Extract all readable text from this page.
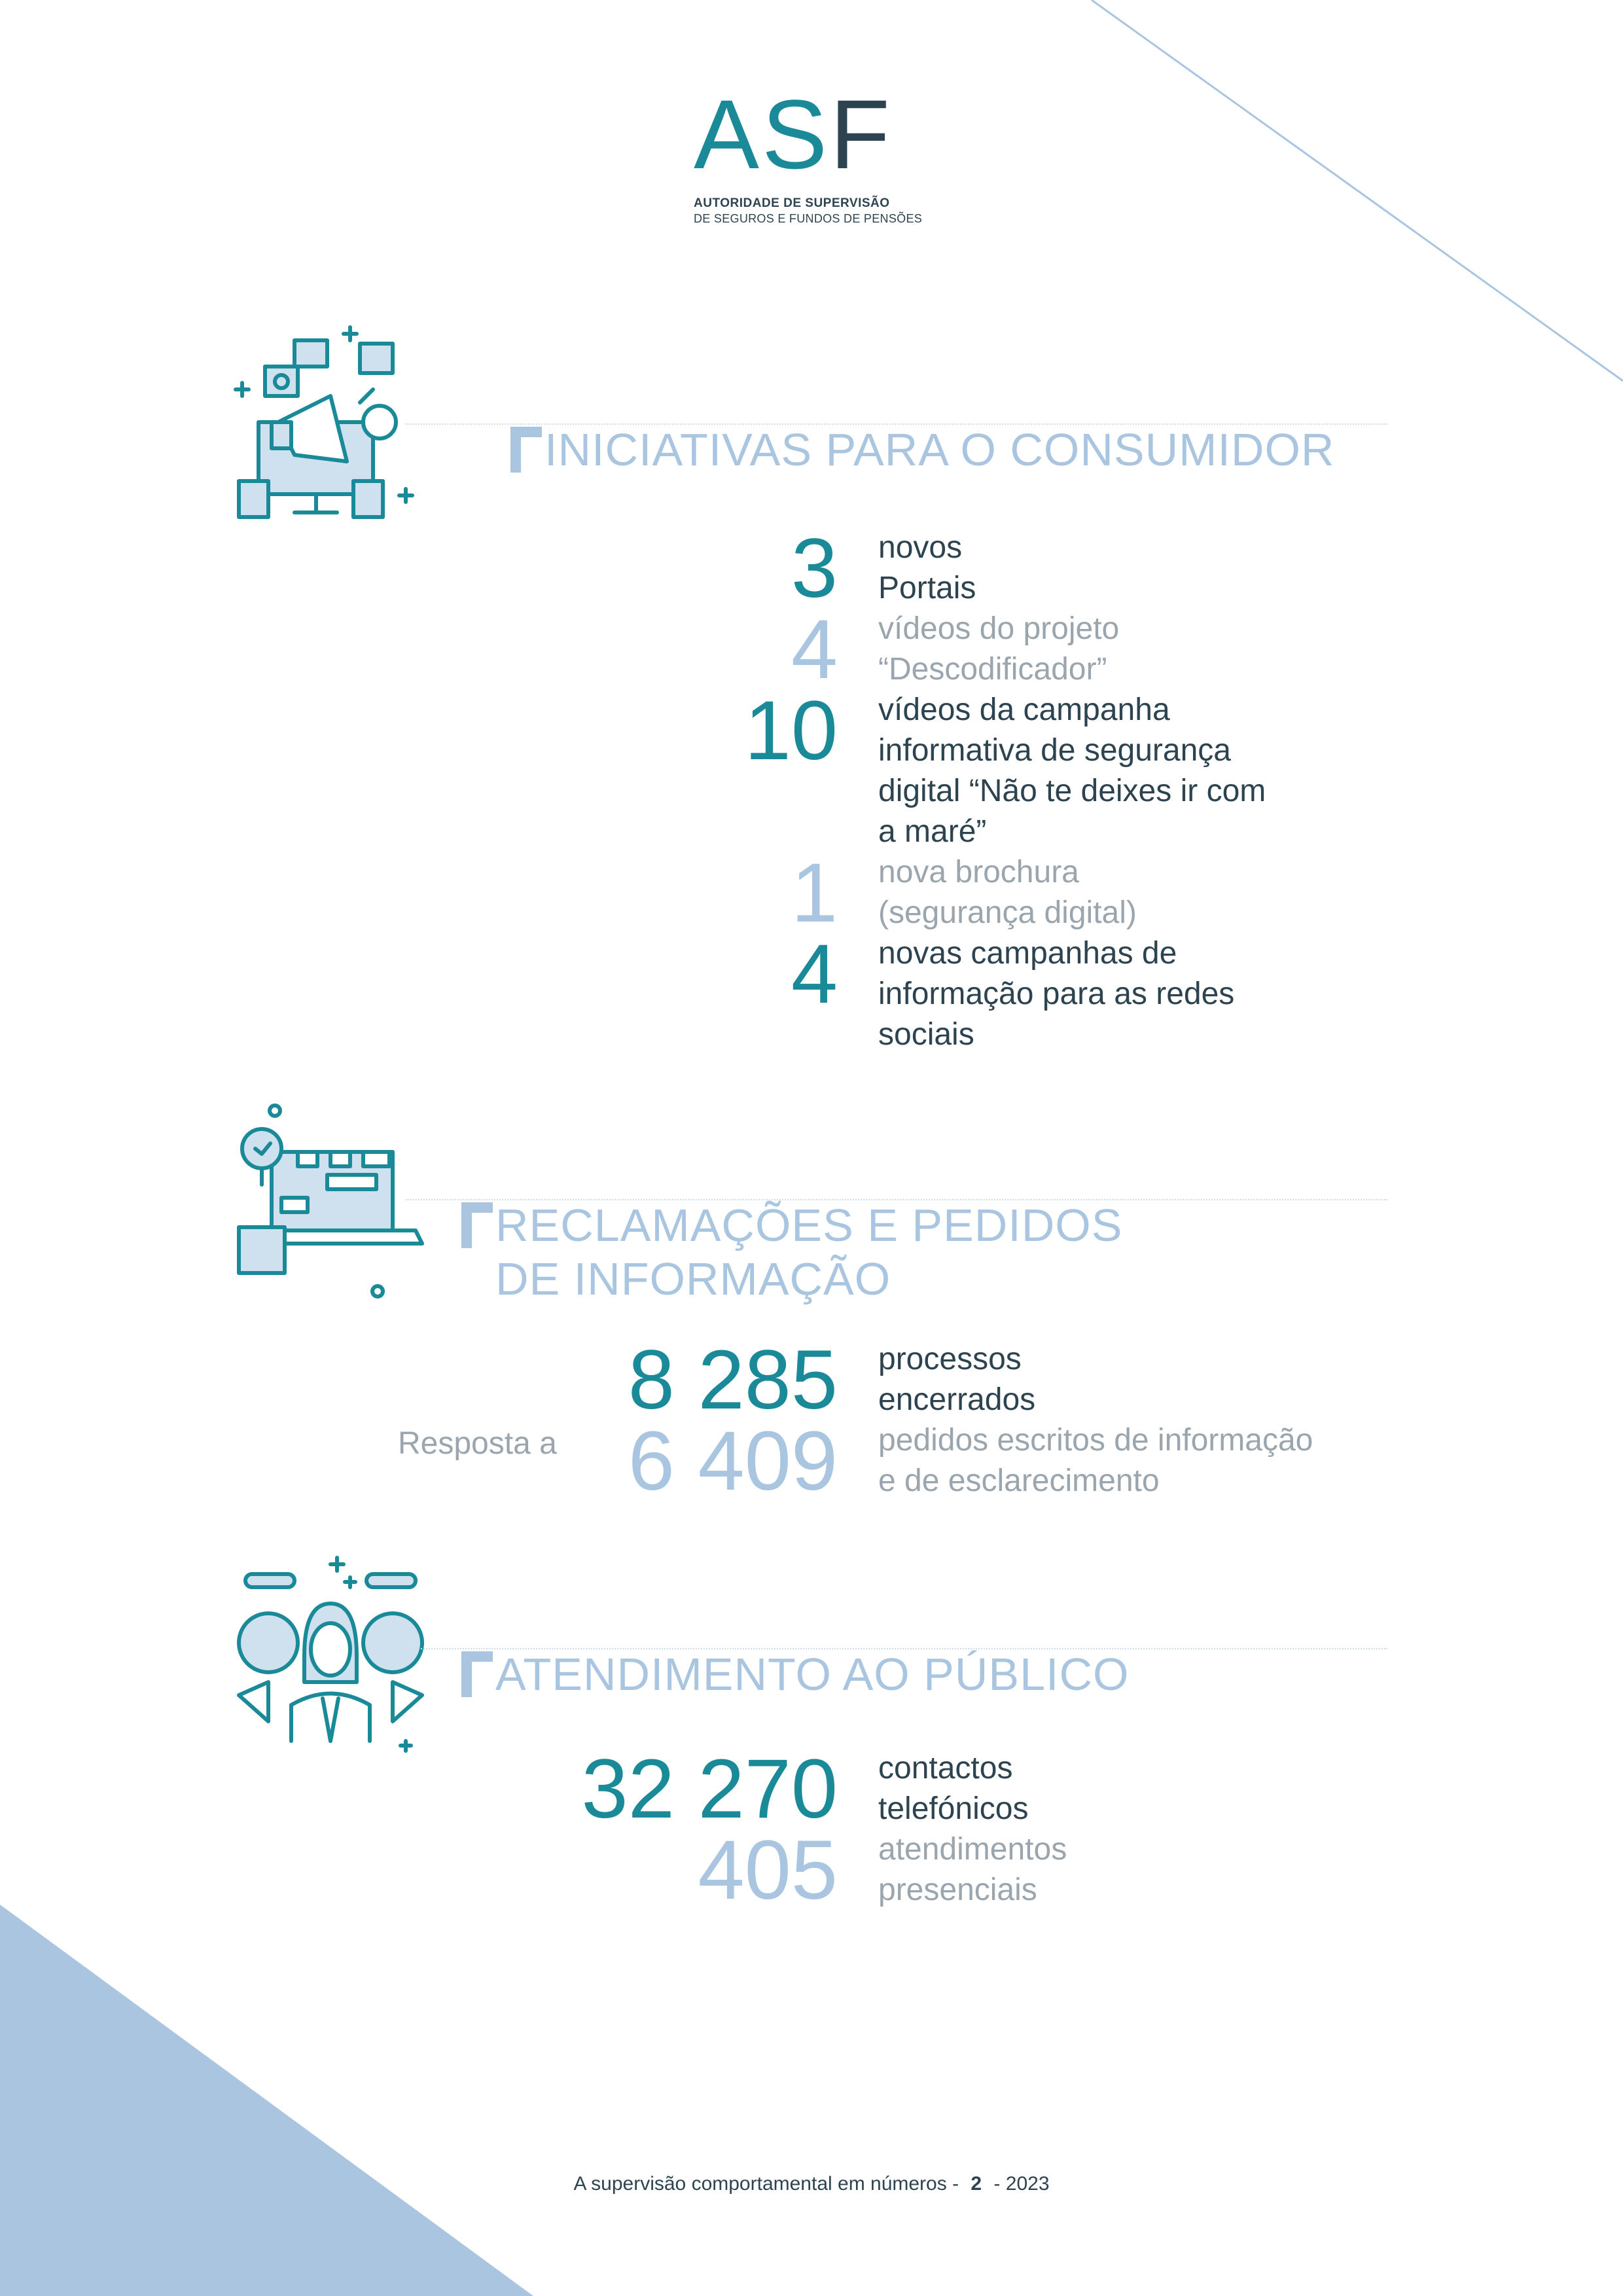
ASF
AUTORIDADE DE SUPERVISÃO
DE SEGUROS E FUNDOS DE PENSÕES
INICIATIVAS PARA O CONSUMIDOR
3 novos
Portais
4 vídeos do projeto
“Descodificador”
10 vídeos da campanha
informativa de segurança
digital “Não te deixes ir com
a maré”
1 nova brochura
(segurança digital)
4 novas campanhas de
informação para as redes
sociais
RECLAMAÇÕES E PEDIDOS
DE INFORMAÇÃO
Resposta a
8 285 processos
encerrados
6 409 pedidos escritos de informação
e de esclarecimento
ATENDIMENTO AO PÚBLICO
32 270 contactos
telefónicos
405 atendimentos
presenciais
A supervisão comportamental em números - 2 - 2023
